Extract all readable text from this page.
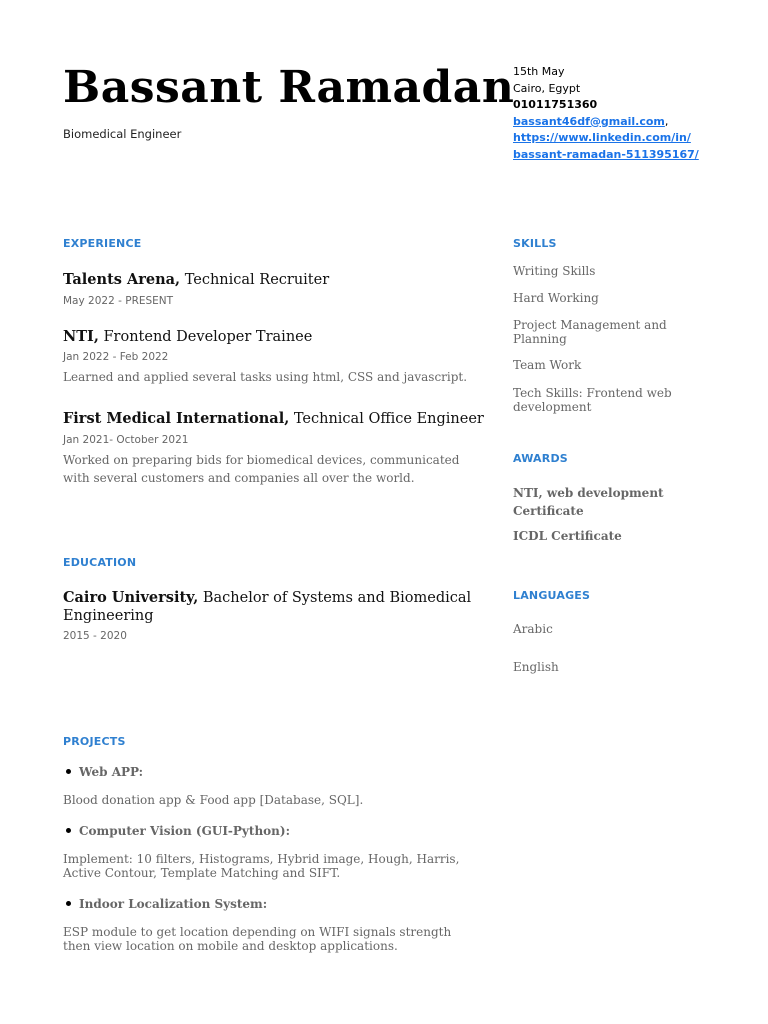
Bassant Ramadan
Biomedical Engineer
15th May
Cairo, Egypt
01011751360
bassant46df@gmail.com,
https://www.linkedin.com/in/
bassant-ramadan-511395167/
EXPERIENCE
Talents Arena, Technical Recruiter
May 2022 - PRESENT
NTI, Frontend Developer Trainee
Jan 2022 - Feb 2022
Learned and applied several tasks using html, CSS and javascript.
First Medical International, Technical Office Engineer
Jan 2021- October 2021
Worked on preparing bids for biomedical devices, communicated with several customers and companies all over the world.
EDUCATION
Cairo University, Bachelor of Systems and Biomedical
Engineering
2015 - 2020
PROJECTS
Web APP:
Blood donation app & Food app [Database, SQL].
Computer Vision (GUI-Python):
Implement: 10 filters, Histograms, Hybrid image, Hough, Harris, Active Contour, Template Matching and SIFT.
Indoor Localization System:
ESP module to get location depending on WIFI signals strength then view location on mobile and desktop applications.
SKILLS
Writing Skills
Hard Working
Project Management and Planning
Team Work
Tech Skills: Frontend web development
AWARDS
NTI, web development Certificate
ICDL Certificate
LANGUAGES
Arabic
English
